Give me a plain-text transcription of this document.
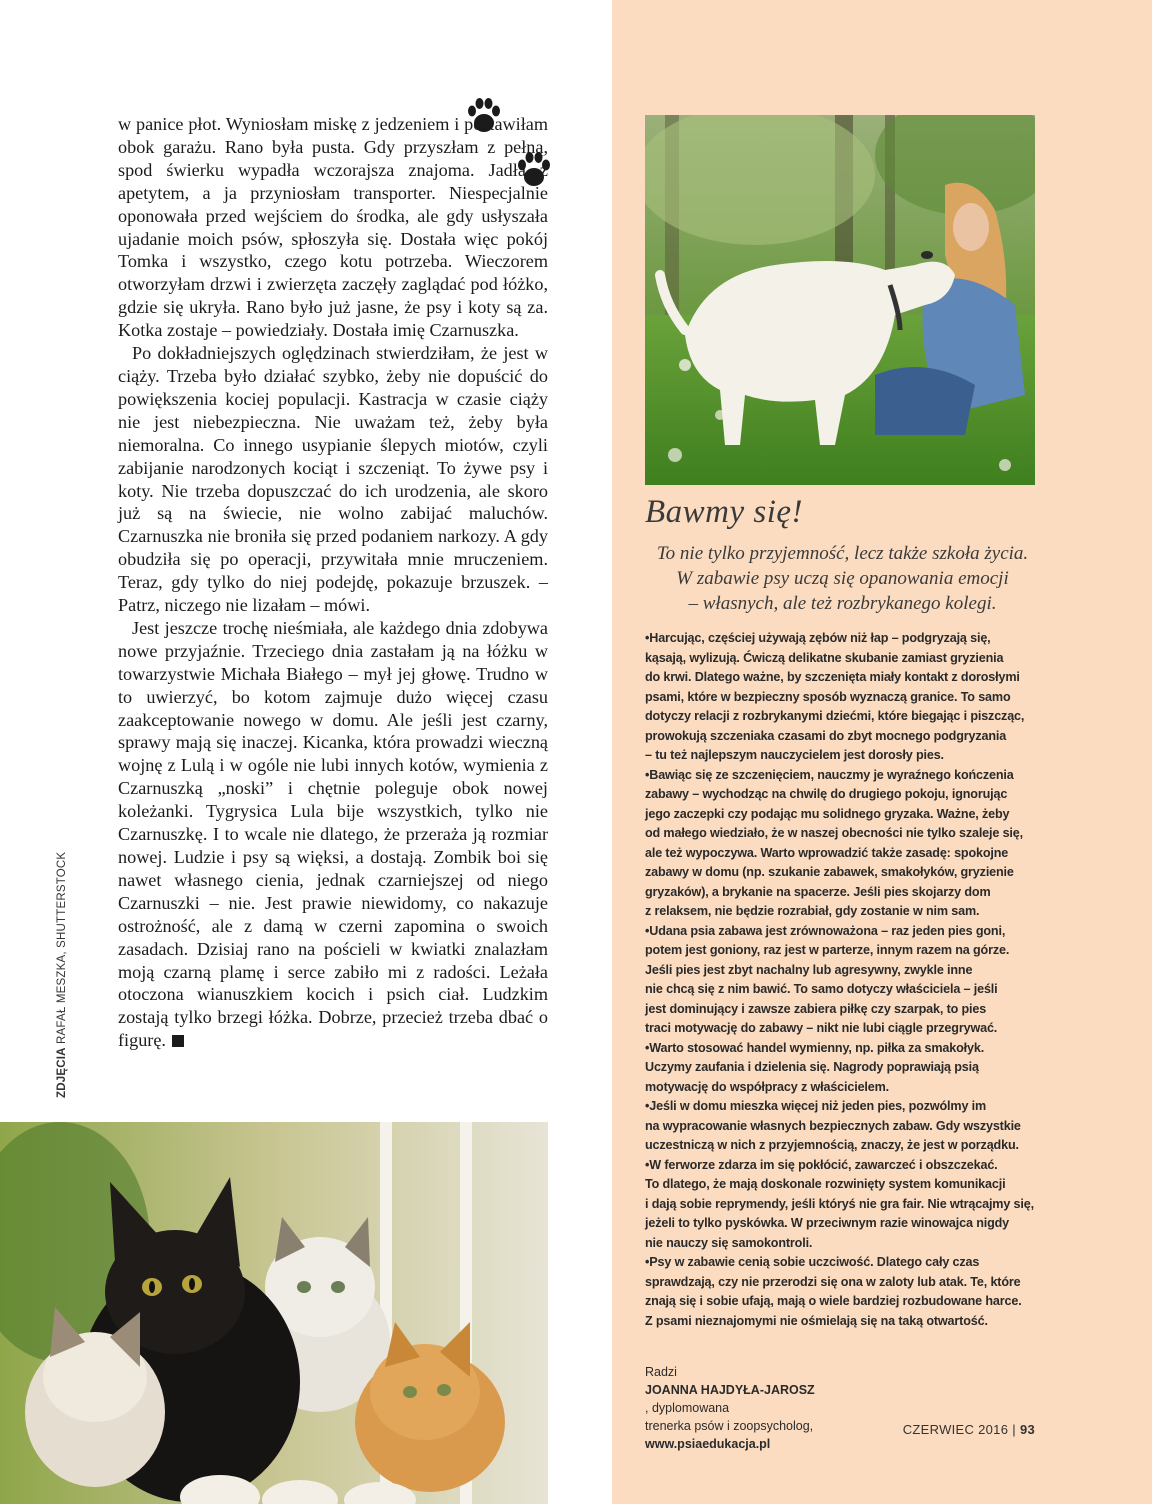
w panice płot. Wyniosłam miskę z jedzeniem i postawiłam obok garażu. Rano była pusta. Gdy przyszłam z pełną, spod świerku wypadła wczorajsza znajoma. Jadła z apetytem, a ja przyniosłam transporter. Niespecjalnie oponowała przed wejściem do środka, ale gdy usłyszała ujadanie moich psów, spłoszyła się. Dostała więc pokój Tomka i wszystko, czego kotu potrzeba. Wieczorem otworzyłam drzwi i zwierzęta zaczęły zaglądać pod łóżko, gdzie się ukryła. Rano było już jasne, że psy i koty są za. Kotka zostaje – powiedziały. Dostała imię Czarnuszka.

Po dokładniejszych oględzinach stwierdziłam, że jest w ciąży. Trzeba było działać szybko, żeby nie dopuścić do powiększenia kociej populacji. Kastracja w czasie ciąży nie jest niebezpieczna. Nie uważam też, żeby była niemoralna. Co innego usypianie ślepych miotów, czyli zabijanie narodzonych kociąt i szczeniąt. To żywe psy i koty. Nie trzeba dopuszczać do ich urodzenia, ale skoro już są na świecie, nie wolno zabijać maluchów. Czarnuszka nie broniła się przed podaniem narkozy. A gdy obudziła się po operacji, przywitała mnie mruczeniem. Teraz, gdy tylko do niej podejdę, pokazuje brzuszek. – Patrz, niczego nie lizałam – mówi.

Jest jeszcze trochę nieśmiała, ale każdego dnia zdobywa nowe przyjaźnie. Trzeciego dnia zastałam ją na łóżku w towarzystwie Michała Białego – mył jej głowę. Trudno w to uwierzyć, bo kotom zajmuje dużo więcej czasu zaakceptowanie nowego w domu. Ale jeśli jest czarny, sprawy mają się inaczej. Kicanka, która prowadzi wieczną wojnę z Lulą i w ogóle nie lubi innych kotów, wymienia z Czarnuszką „noski” i chętnie poleguje obok nowej koleżanki. Tygrysica Lula bije wszystkich, tylko nie Czarnuszkę. I to wcale nie dlatego, że przeraża ją rozmiar nowej. Ludzie i psy są więksi, a dostają. Zombik boi się nawet własnego cienia, jednak czarniejszej od niego Czarnuszki – nie. Jest prawie niewidomy, co nakazuje ostrożność, ale z damą w czerni zapomina o swoich zasadach. Dzisiaj rano na pościeli w kwiatki znalazłam moją czarną plamę i serce zabiło mi z radości. Leżała otoczona wianuszkiem kocich i psich ciał. Ludzkim zostają tylko brzegi łóżka. Dobrze, przecież trzeba dbać o figurę.

ZDJĘCIA RAFAŁ MESZKA, SHUTTERSTOCK
Bawmy się!
To nie tylko przyjemność, lecz także szkoła życia.
W zabawie psy uczą się opanowania emocji
– własnych, ale też rozbrykanego kolegi.
•Harcując, częściej używają zębów niż łap – podgryzają się,
kąsają, wylizują. Ćwiczą delikatne skubanie zamiast gryzienia
do krwi. Dlatego ważne, by szczenięta miały kontakt z dorosłymi
psami, które w bezpieczny sposób wyznaczą granice. To samo
dotyczy relacji z rozbrykanymi dziećmi, które biegając i piszcząc,
prowokują szczeniaka czasami do zbyt mocnego podgryzania
– tu też najlepszym nauczycielem jest dorosły pies.
•Bawiąc się ze szczenięciem, nauczmy je wyraźnego kończenia
zabawy – wychodząc na chwilę do drugiego pokoju, ignorując
jego zaczepki czy podając mu solidnego gryzaka. Ważne, żeby
od małego wiedziało, że w naszej obecności nie tylko szaleje się,
ale też wypoczywa. Warto wprowadzić także zasadę: spokojne
zabawy w domu (np. szukanie zabawek, smakołyków, gryzienie
gryzaków), a brykanie na spacerze. Jeśli pies skojarzy dom
z relaksem, nie będzie rozrabiał, gdy zostanie w nim sam.
•Udana psia zabawa jest zrównoważona – raz jeden pies goni,
potem jest goniony, raz jest w parterze, innym razem na górze.
Jeśli pies jest zbyt nachalny lub agresywny, zwykle inne
nie chcą się z nim bawić. To samo dotyczy właściciela – jeśli
jest dominujący i zawsze zabiera piłkę czy szarpak, to pies
traci motywację do zabawy – nikt nie lubi ciągle przegrywać.
•Warto stosować handel wymienny, np. piłka za smakołyk.
Uczymy zaufania i dzielenia się. Nagrody poprawiają psią
motywację do współpracy z właścicielem.
•Jeśli w domu mieszka więcej niż jeden pies, pozwólmy im
na wypracowanie własnych bezpiecznych zabaw. Gdy wszystkie
uczestniczą w nich z przyjemnością, znaczy, że jest w porządku.
•W ferworze zdarza im się pokłócić, zawarczeć i obszczekać.
To dlatego, że mają doskonale rozwinięty system komunikacji
i dają sobie reprymendy, jeśli któryś nie gra fair. Nie wtrącajmy się,
jeżeli to tylko pyskówka. W przeciwnym razie winowajca nigdy
nie nauczy się samokontroli.
•Psy w zabawie cenią sobie uczciwość. Dlatego cały czas
sprawdzają, czy nie przerodzi się ona w zaloty lub atak. Te, które
znają się i sobie ufają, mają o wiele bardziej rozbudowane harce.
Z psami nieznajomymi nie ośmielają się na taką otwartość.
Radzi
JOANNA HAJDYŁA-JAROSZ
, dyplomowana
trenerka psów i zoopsycholog,
www.psiaedukacja.pl
CZERWIEC 2016 | 93
